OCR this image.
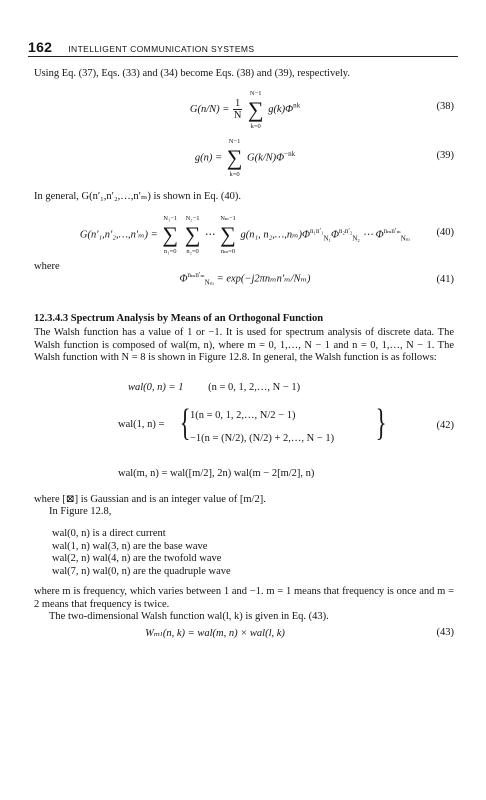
162 INTELLIGENT COMMUNICATION SYSTEMS
Using Eq. (37), Eqs. (33) and (34) become Eqs. (38) and (39), respectively.
$G(n/N) = \frac{1}{N}$ ∑
N−1
k=0
$g(k)\Phi^{nk}$	(38)
g(n) = ∑
N−1
k=0
$G(k/N)\Phi^{-nk}$	(39)
In general, G(n′₁,n′₂,…,n′ₘ) is shown in Eq. (40).
G(n′₁,n′₂,…,n′ₘ) = ∑
N₁−1
n₁=0
∑
N₂−1
n₂=0
⋯ ∑
Nₘ−1
nₘ=0
g(n₁, $n_2,\dots,n_m)\Phi^{n_1n'_1}_{N_1}\Phi^{n_2n'_2}_{N_2}$ ⋯ $\Phi^{n_mn'_m}_{N_m}$
(40)
where
$\Phi^{n_mn'_m}_{N_m} = \exp(-j2\pi n_mn'_m/N_m)$	(41)
12.3.4.3 Spectrum Analysis by Means of an Orthogonal Function
The Walsh function has a value of 1 or −1. It is used for spectrum analysis of discrete data. The Walsh function is composed of wal(m, n), where m = 0, 1,…, N − 1 and n = 0, 1,…, N − 1. The Walsh function with N = 8 is shown in Figure 12.8. In general, the Walsh function is as follows:
wal(0, n) = 1 (n = 0, 1, 2,…, N − 1)
wal(1, n) = { 1(n = 0, 1, 2,…, N/2 − 1)
−1(n = (N/2), (N/2) + 2,…, N − 1) }	(42)
wal(m, n) = wal([m/2], 2n) wal(m − 2[m/2], n)
where [⊠] is Gaussian and is an integer value of [m/2].
In Figure 12.8,
wal(0, n) is a direct current
wal(1, n) wal(3, n) are the base wave
wal(2, n) wal(4, n) are the twofold wave
wal(7, n) wal(0, n) are the quadruple wave
where m is frequency, which varies between 1 and −1. m = 1 means that frequency is once and m = 2 means that frequency is twice.
The two-dimensional Walsh function wal(l, k) is given in Eq. (43).
Wₘₗ(n, k) = wal(m, n) × wal(l, k)	(43)
